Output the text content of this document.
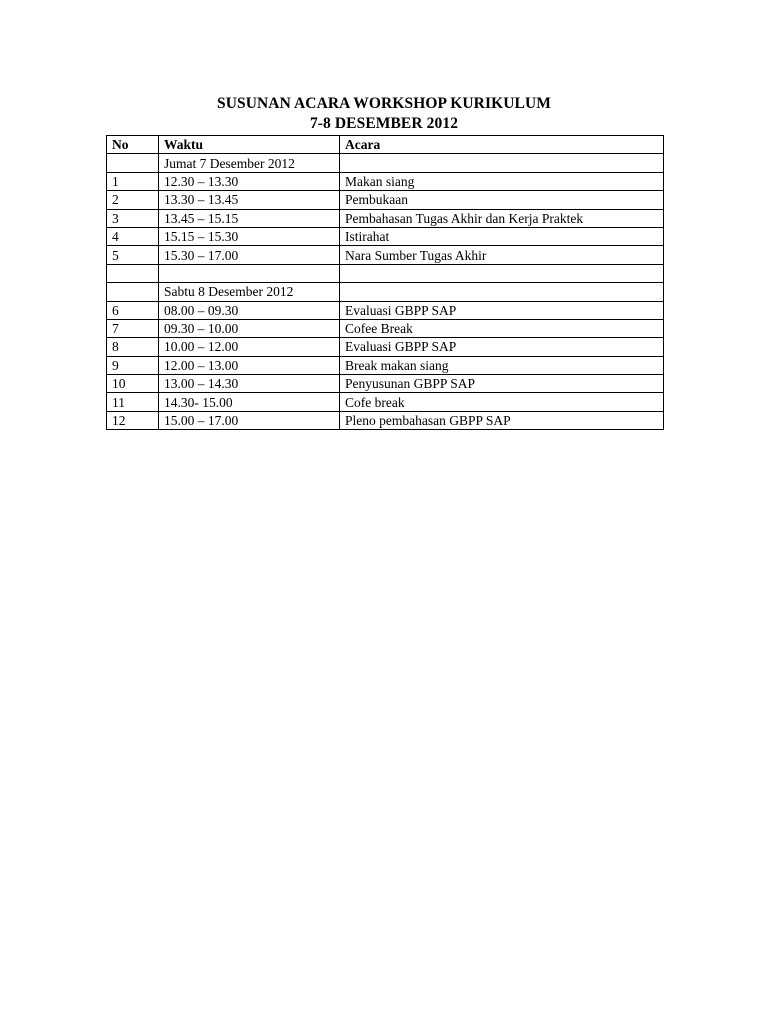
SUSUNAN ACARA WORKSHOP KURIKULUM
7-8 DESEMBER 2012
No	Waktu	Acara
	Jumat 7 Desember 2012	
1	12.30 – 13.30	Makan siang
2	13.30 – 13.45	Pembukaan
3	13.45 – 15.15	Pembahasan Tugas Akhir dan Kerja Praktek
4	15.15 – 15.30	Istirahat
5	15.30 – 17.00	Nara Sumber Tugas Akhir

	Sabtu 8 Desember 2012	
6	08.00 – 09.30	Evaluasi GBPP SAP
7	09.30 – 10.00	Cofee Break
8	10.00 – 12.00	Evaluasi GBPP SAP
9	12.00 – 13.00	Break makan siang
10	13.00 – 14.30	Penyusunan GBPP SAP
11	14.30- 15.00	Cofe break
12	15.00 – 17.00	Pleno pembahasan GBPP SAP
